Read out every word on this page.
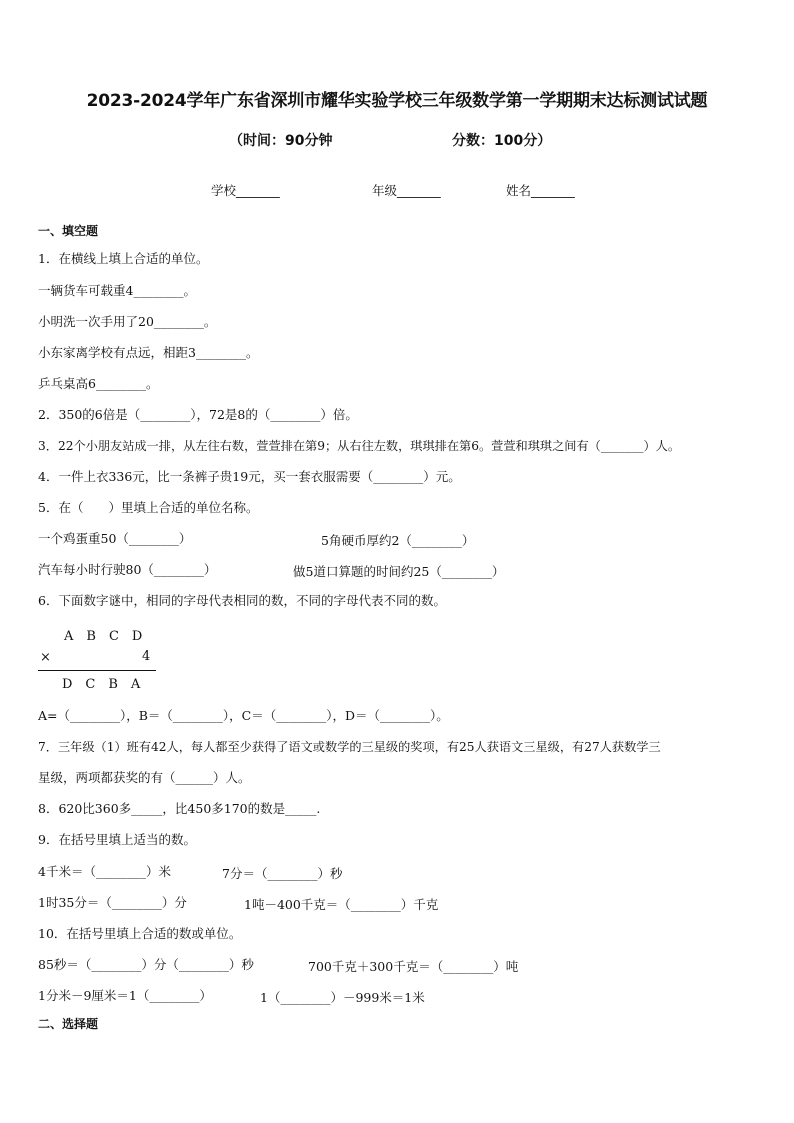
2023-2024学年广东省深圳市耀华实验学校三年级数学第一学期期末达标测试试题
（时间：90分钟	分数：100分）
学校_______	年级_______	姓名_______
一、填空题
1．在横线上填上合适的单位。
一辆货车可载重4________。
小明洗一次手用了20________。
小东家离学校有点远，相距3________。
乒乓桌高6________。
2．350的6倍是（________），72是8的（________）倍。
3．22个小朋友站成一排，从左往右数，萱萱排在第9；从右往左数，琪琪排在第6。萱萱和琪琪之间有（_______）人。
4．一件上衣336元，比一条裤子贵19元，买一套衣服需要（________）元。
5．在（　　）里填上合适的单位名称。
一个鸡蛋重50（________）	5角硬币厚约2（________）
汽车每小时行驶80（________）	做5道口算题的时间约25（________）
6．下面数字谜中，相同的字母代表相同的数，不同的字母代表不同的数。
A　B　C　D
×	4
D　C　B　A
A=（________），B＝（________），C＝（________），D＝（________）。
7．三年级（1）班有42人，每人都至少获得了语文或数学的三星级的奖项，有25人获语文三星级，有27人获数学三
星级，两项都获奖的有（______）人。
8．620比360多_____，比450多170的数是_____.
9．在括号里填上适当的数。
4千米＝（________）米	7分＝（________）秒
1时35分＝（________）分	1吨－400千克＝（________）千克
10．在括号里填上合适的数或单位。
85秒＝（________）分（________）秒	700千克＋300千克＝（________）吨
1分米－9厘米＝1（________）	1（________）－999米＝1米
二、选择题
